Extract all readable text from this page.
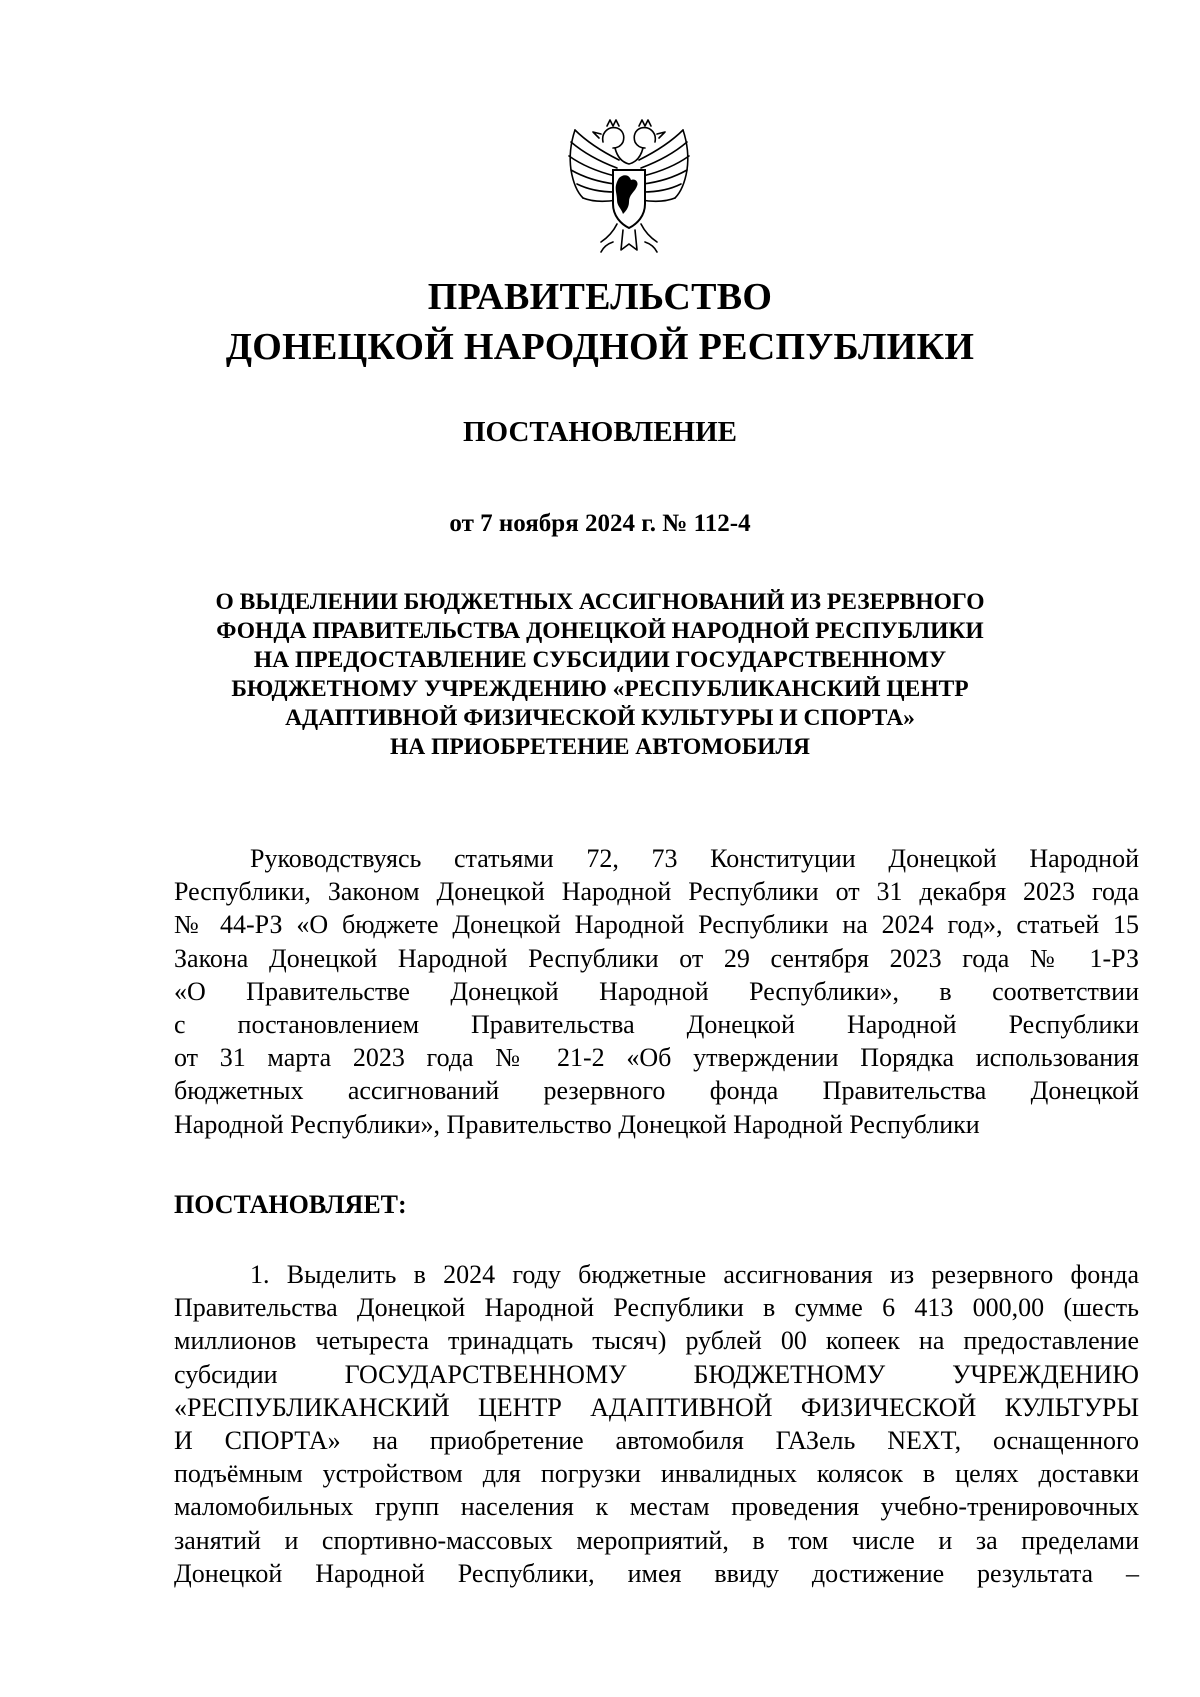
ПРАВИТЕЛЬСТВО
ДОНЕЦКОЙ НАРОДНОЙ РЕСПУБЛИКИ
ПОСТАНОВЛЕНИЕ
от 7 ноября 2024 г. № 112-4
О ВЫДЕЛЕНИИ БЮДЖЕТНЫХ АССИГНОВАНИЙ ИЗ РЕЗЕРВНОГО
ФОНДА ПРАВИТЕЛЬСТВА ДОНЕЦКОЙ НАРОДНОЙ РЕСПУБЛИКИ
НА ПРЕДОСТАВЛЕНИЕ СУБСИДИИ ГОСУДАРСТВЕННОМУ
БЮДЖЕТНОМУ УЧРЕЖДЕНИЮ «РЕСПУБЛИКАНСКИЙ ЦЕНТР
АДАПТИВНОЙ ФИЗИЧЕСКОЙ КУЛЬТУРЫ И СПОРТА»
НА ПРИОБРЕТЕНИЕ АВТОМОБИЛЯ
Руководствуясь статьями 72, 73 Конституции Донецкой Народной
Республики, Законом Донецкой Народной Республики от 31 декабря 2023 года
№ 44-РЗ «О бюджете Донецкой Народной Республики на 2024 год», статьей 15
Закона Донецкой Народной Республики от 29 сентября 2023 года № 1-РЗ
«О Правительстве Донецкой Народной Республики», в соответствии
с постановлением Правительства Донецкой Народной Республики
от 31 марта 2023 года № 21-2 «Об утверждении Порядка использования
бюджетных ассигнований резервного фонда Правительства Донецкой
Народной Республики», Правительство Донецкой Народной Республики
ПОСТАНОВЛЯЕТ:
1. Выделить в 2024 году бюджетные ассигнования из резервного фонда
Правительства Донецкой Народной Республики в сумме 6 413 000,00 (шесть
миллионов четыреста тринадцать тысяч) рублей 00 копеек на предоставление
субсидии ГОСУДАРСТВЕННОМУ БЮДЖЕТНОМУ УЧРЕЖДЕНИЮ
«РЕСПУБЛИКАНСКИЙ ЦЕНТР АДАПТИВНОЙ ФИЗИЧЕСКОЙ КУЛЬТУРЫ
И СПОРТА» на приобретение автомобиля ГАЗель NEXT, оснащенного
подъёмным устройством для погрузки инвалидных колясок в целях доставки
маломобильных групп населения к местам проведения учебно-тренировочных
занятий и спортивно-массовых мероприятий, в том числе и за пределами
Донецкой Народной Республики, имея ввиду достижение результата –
